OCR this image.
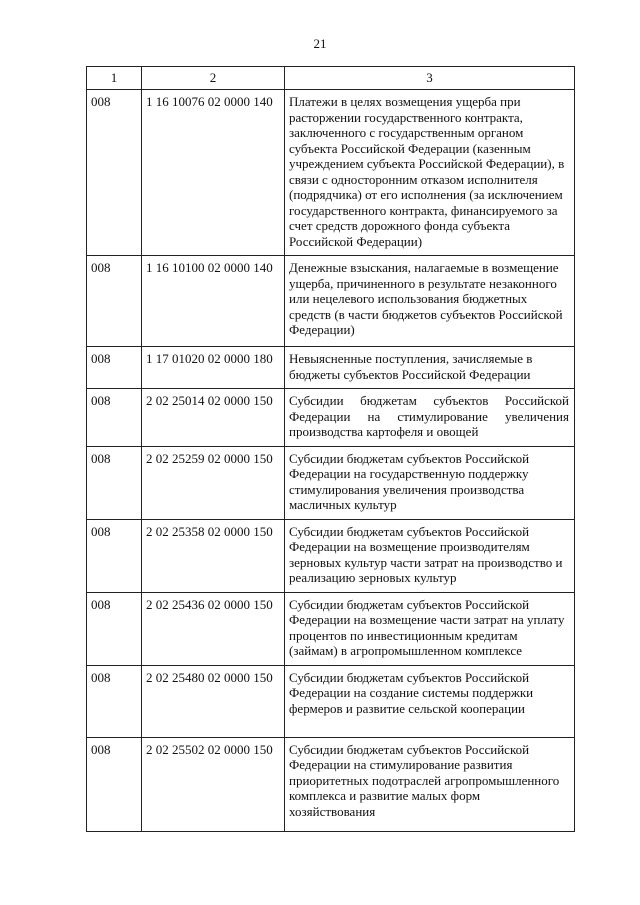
21
1	2	3
008	1 16 10076 02 0000 140	Платежи в целях возмещения ущерба при расторжении государственного контракта, заключенного с государственным органом субъекта Российской Федерации (казенным учреждением субъекта Российской Федерации), в связи с односторонним отказом исполнителя (подрядчика) от его исполнения (за исключением государственного контракта, финансируемого за счет средств дорожного фонда субъекта Российской Федерации)
008	1 16 10100 02 0000 140	Денежные взыскания, налагаемые в возмещение ущерба, причиненного в результате незаконного или нецелевого использования бюджетных средств (в части бюджетов субъектов Российской Федерации)
008	1 17 01020 02 0000 180	Невыясненные поступления, зачисляемые в бюджеты субъектов Российской Федерации
008	2 02 25014 02 0000 150	Субсидии бюджетам субъектов Российской Федерации на стимулирование увеличения производства картофеля и овощей
008	2 02 25259 02 0000 150	Субсидии бюджетам субъектов Российской Федерации на государственную поддержку стимулирования увеличения производства масличных культур
008	2 02 25358 02 0000 150	Субсидии бюджетам субъектов Российской Федерации на возмещение производителям зерновых культур части затрат на производство и реализацию зерновых культур
008	2 02 25436 02 0000 150	Субсидии бюджетам субъектов Российской Федерации на возмещение части затрат на уплату процентов по инвестиционным кредитам (займам) в агропромышленном комплексе
008	2 02 25480 02 0000 150	Субсидии бюджетам субъектов Российской Федерации на создание системы поддержки фермеров и развитие сельской кооперации
008	2 02 25502 02 0000 150	Субсидии бюджетам субъектов Российской Федерации на стимулирование развития приоритетных подотраслей агропромышленного комплекса и развитие малых форм хозяйствования
